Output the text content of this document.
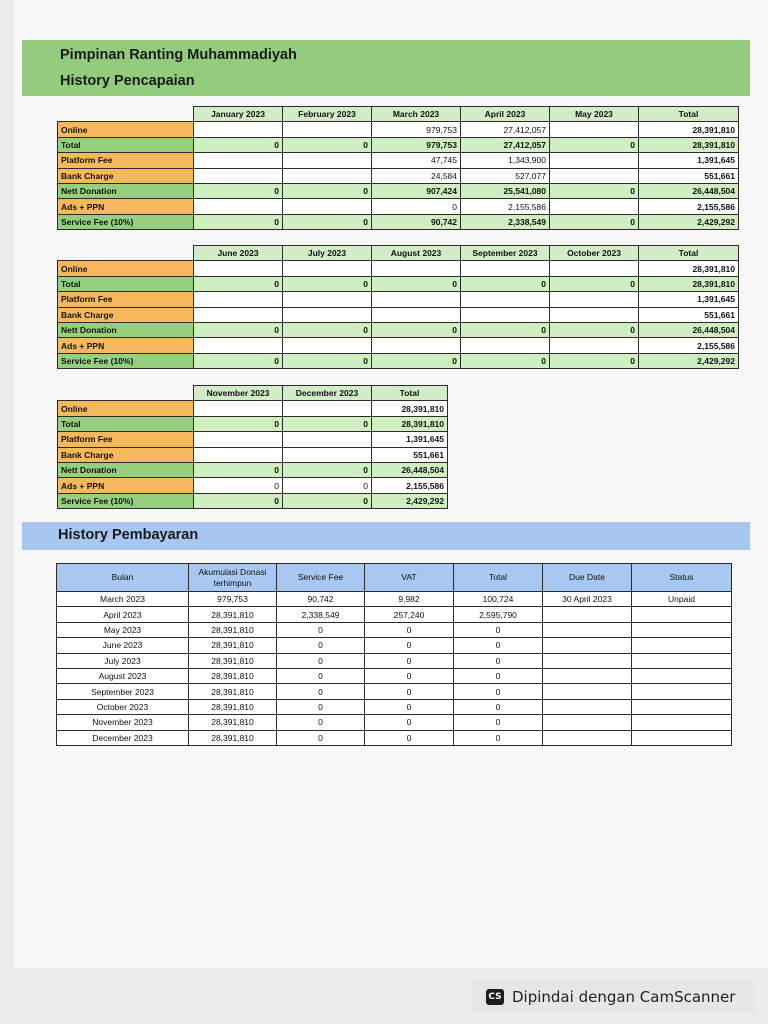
Pimpinan Ranting Muhammadiyah
History Pencapaian
	January 2023	February 2023	March 2023	April 2023	May 2023	Total
Online			979,753	27,412,057		28,391,810
Total	0	0	979,753	27,412,057	0	28,391,810
Platform Fee			47,745	1,343,900		1,391,645
Bank Charge			24,584	527,077		551,661
Nett Donation	0	0	907,424	25,541,080	0	26,448,504
Ads + PPN			0	2,155,586		2,155,586
Service Fee (10%)	0	0	90,742	2,338,549	0	2,429,292
	June 2023	July 2023	August 2023	September 2023	October 2023	Total
Online						28,391,810
Total	0	0	0	0	0	28,391,810
Platform Fee						1,391,645
Bank Charge						551,661
Nett Donation	0	0	0	0	0	26,448,504
Ads + PPN						2,155,586
Service Fee (10%)	0	0	0	0	0	2,429,292
	November 2023	December 2023	Total
Online			28,391,810
Total	0	0	28,391,810
Platform Fee			1,391,645
Bank Charge			551,661
Nett Donation	0	0	26,448,504
Ads + PPN	0	0	2,155,586
Service Fee (10%)	0	0	2,429,292
History Pembayaran
Bulan	Akumulasi Donasi terhimpun	Service Fee	VAT	Total	Due Date	Status
March 2023	979,753	90,742	9,982	100,724	30 April 2023	Unpaid
April 2023	28,391,810	2,338,549	257,240	2,595,790		
May 2023	28,391,810	0	0	0		
June 2023	28,391,810	0	0	0		
July 2023	28,391,810	0	0	0		
August 2023	28,391,810	0	0	0		
September 2023	28,391,810	0	0	0		
October 2023	28,391,810	0	0	0		
November 2023	28,391,810	0	0	0		
December 2023	28,391,810	0	0	0		
CS Dipindai dengan CamScanner
